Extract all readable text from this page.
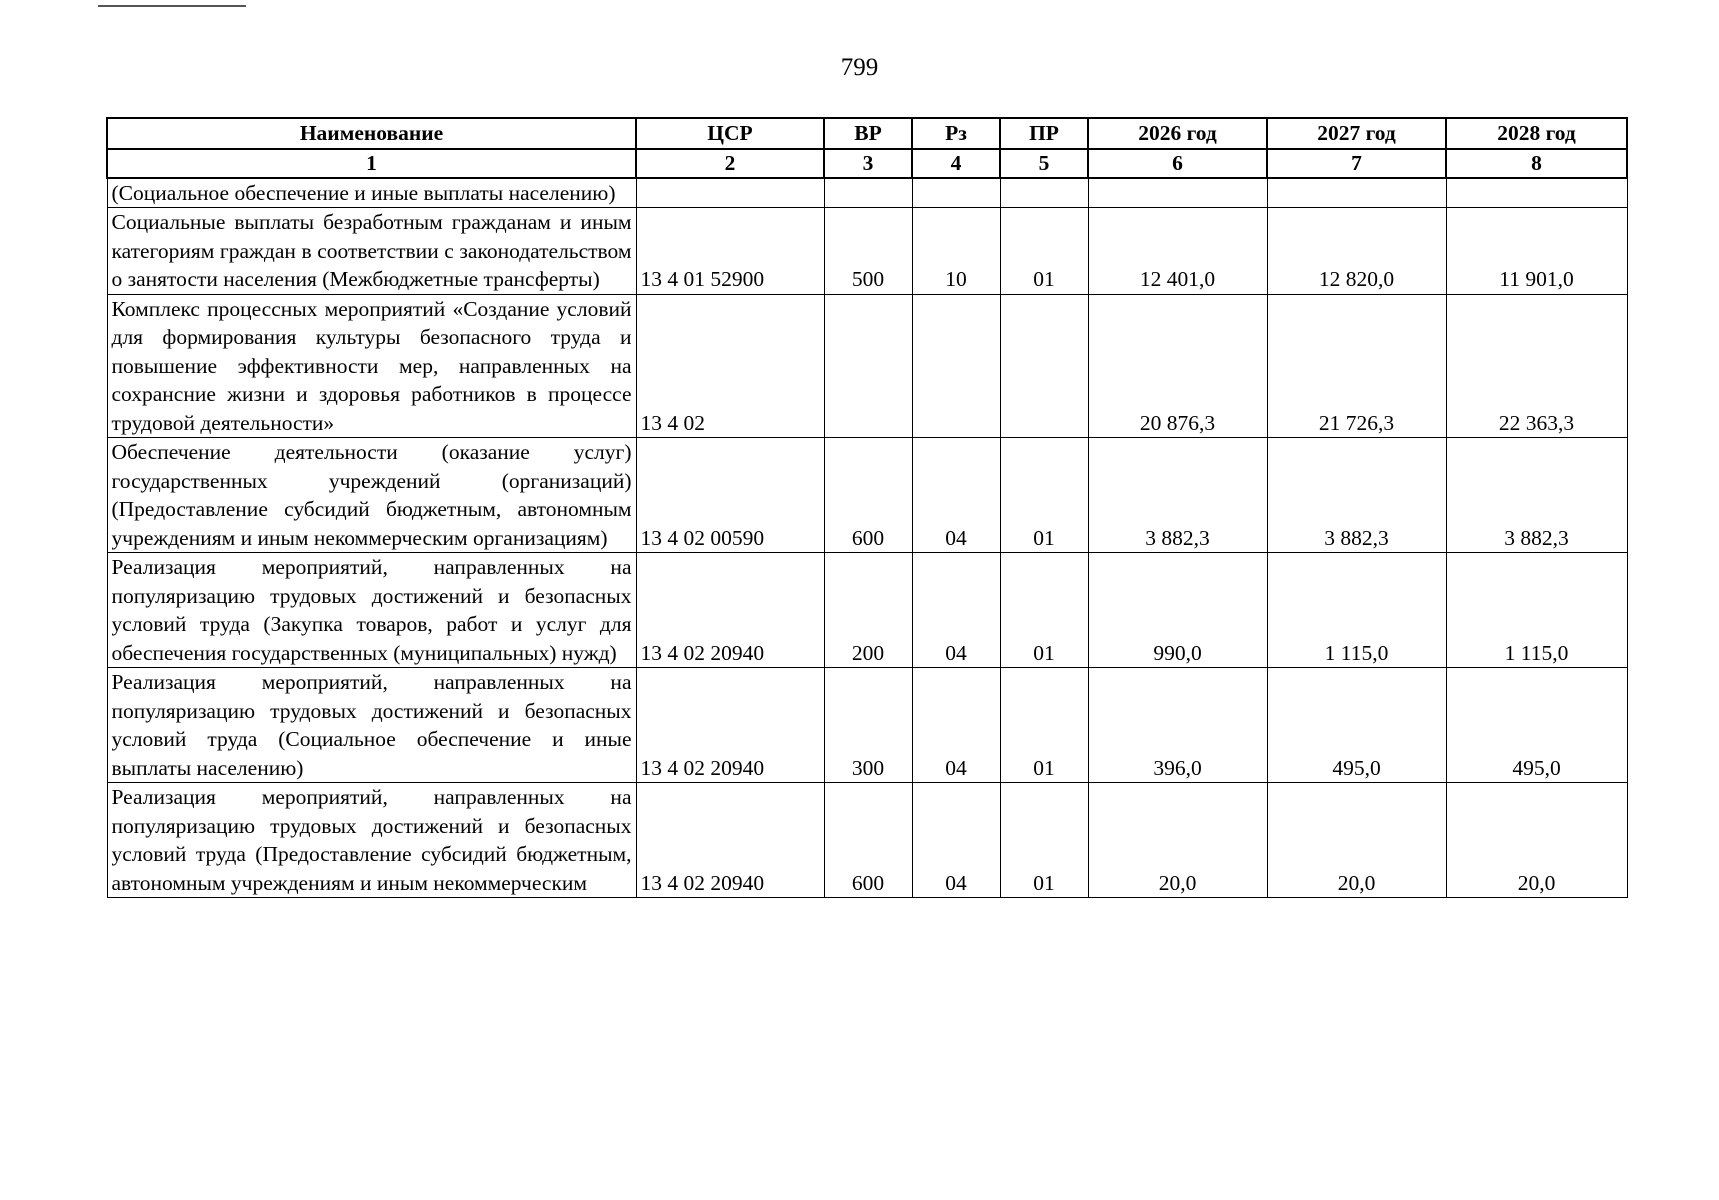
799
Наименование	ЦСР	ВР	Рз	ПР	2026 год	2027 год	2028 год
1	2	3	4	5	6	7	8
(Социальное обеспечение и иные выплаты населению)							
Социальные выплаты безработным гражданам и иным категориям граждан в соответствии с законодательством о занятости населения (Межбюджетные трансферты)	13 4 01 52900	500	10	01	12 401,0	12 820,0	11 901,0
Комплекс процессных мероприятий «Создание условий для формирования культуры безопасного труда и повышение эффективности мер, направленных на сохрансние жизни и здоровья работников в процессе трудовой деятельности»	13 4 02				20 876,3	21 726,3	22 363,3
Обеспечение деятельности (оказание услуг) государственных учреждений (организаций) (Предоставление субсидий бюджетным, автономным учреждениям и иным некоммерческим организациям)	13 4 02 00590	600	04	01	3 882,3	3 882,3	3 882,3
Реализация мероприятий, направленных на популяризацию трудовых достижений и безопасных условий труда (Закупка товаров, работ и услуг для обеспечения государственных (муниципальных) нужд)	13 4 02 20940	200	04	01	990,0	1 115,0	1 115,0
Реализация мероприятий, направленных на популяризацию трудовых достижений и безопасных условий труда (Социальное обеспечение и иные выплаты населению)	13 4 02 20940	300	04	01	396,0	495,0	495,0
Реализация мероприятий, направленных на популяризацию трудовых достижений и безопасных условий труда (Предоставление субсидий бюджетным, автономным учреждениям и иным некоммерческим	13 4 02 20940	600	04	01	20,0	20,0	20,0
